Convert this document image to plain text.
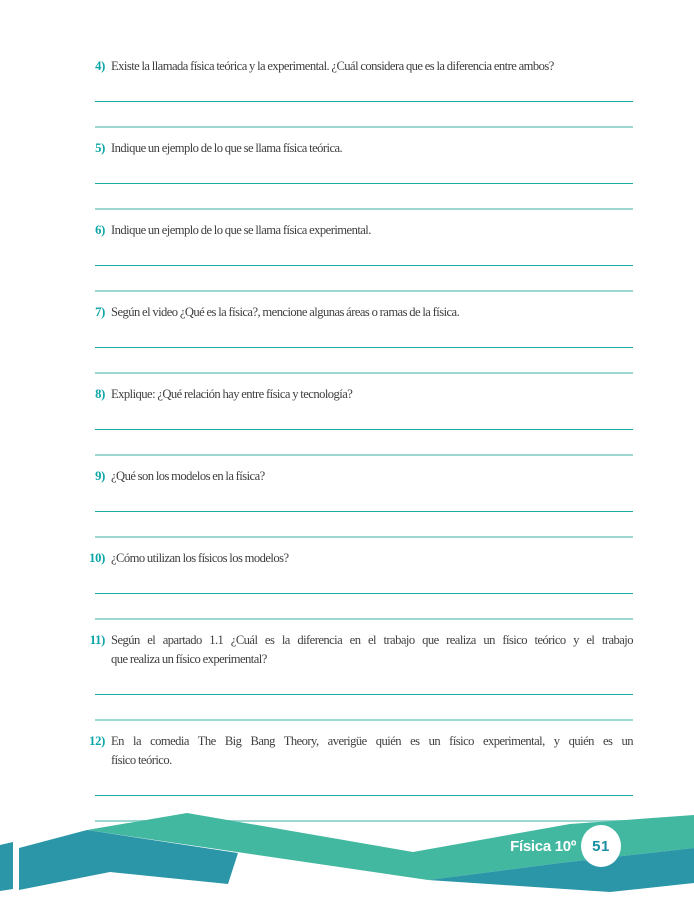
4) Existe la llamada física teórica y la experimental. ¿Cuál considera que es la diferencia entre ambos?
5) Indique un ejemplo de lo que se llama física teórica.
6) Indique un ejemplo de lo que se llama física experimental.
7) Según el video ¿Qué es la física?, mencione algunas áreas o ramas de la física.
8) Explique: ¿Qué relación hay entre física y tecnología?
9) ¿Qué son los modelos en la física?
10) ¿Cómo utilizan los físicos los modelos?
11) Según el apartado 1.1 ¿Cuál es la diferencia en el trabajo que realiza un físico teórico y el trabajo
que realiza un físico experimental?
12) En la comedia The Big Bang Theory, averigüe quién es un físico experimental, y quién es un
físico teórico.
Física 10º 51
